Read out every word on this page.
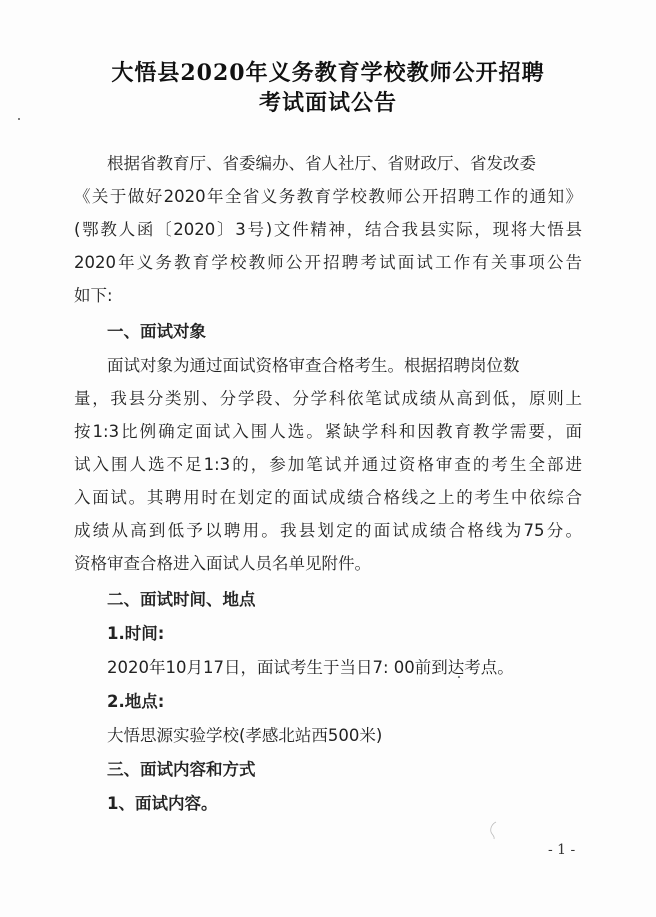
大悟县2020年义务教育学校教师公开招聘
考试面试公告
根据省教育厅、省委编办、省人社厅、省财政厅、省发改委
《关于做好2020年全省义务教育学校教师公开招聘工作的通知》
(鄂教人函〔2020〕3号)文件精神，结合我县实际，现将大悟县
2020年义务教育学校教师公开招聘考试面试工作有关事项公告
如下:
一、面试对象
面试对象为通过面试资格审查合格考生。根据招聘岗位数
量，我县分类别、分学段、分学科依笔试成绩从高到低，原则上
按1:3比例确定面试入围人选。紧缺学科和因教育教学需要，面
试入围人选不足1:3的，参加笔试并通过资格审查的考生全部进
入面试。其聘用时在划定的面试成绩合格线之上的考生中依综合
成绩从高到低予以聘用。我县划定的面试成绩合格线为75分。
资格审查合格进入面试人员名单见附件。
二、面试时间、地点
1.时间:
2020年10月17日，面试考生于当日7: 00前到达考点。
2.地点:
大悟思源实验学校(孝感北站西500米)
三、面试内容和方式
1、面试内容。
- 1 -
